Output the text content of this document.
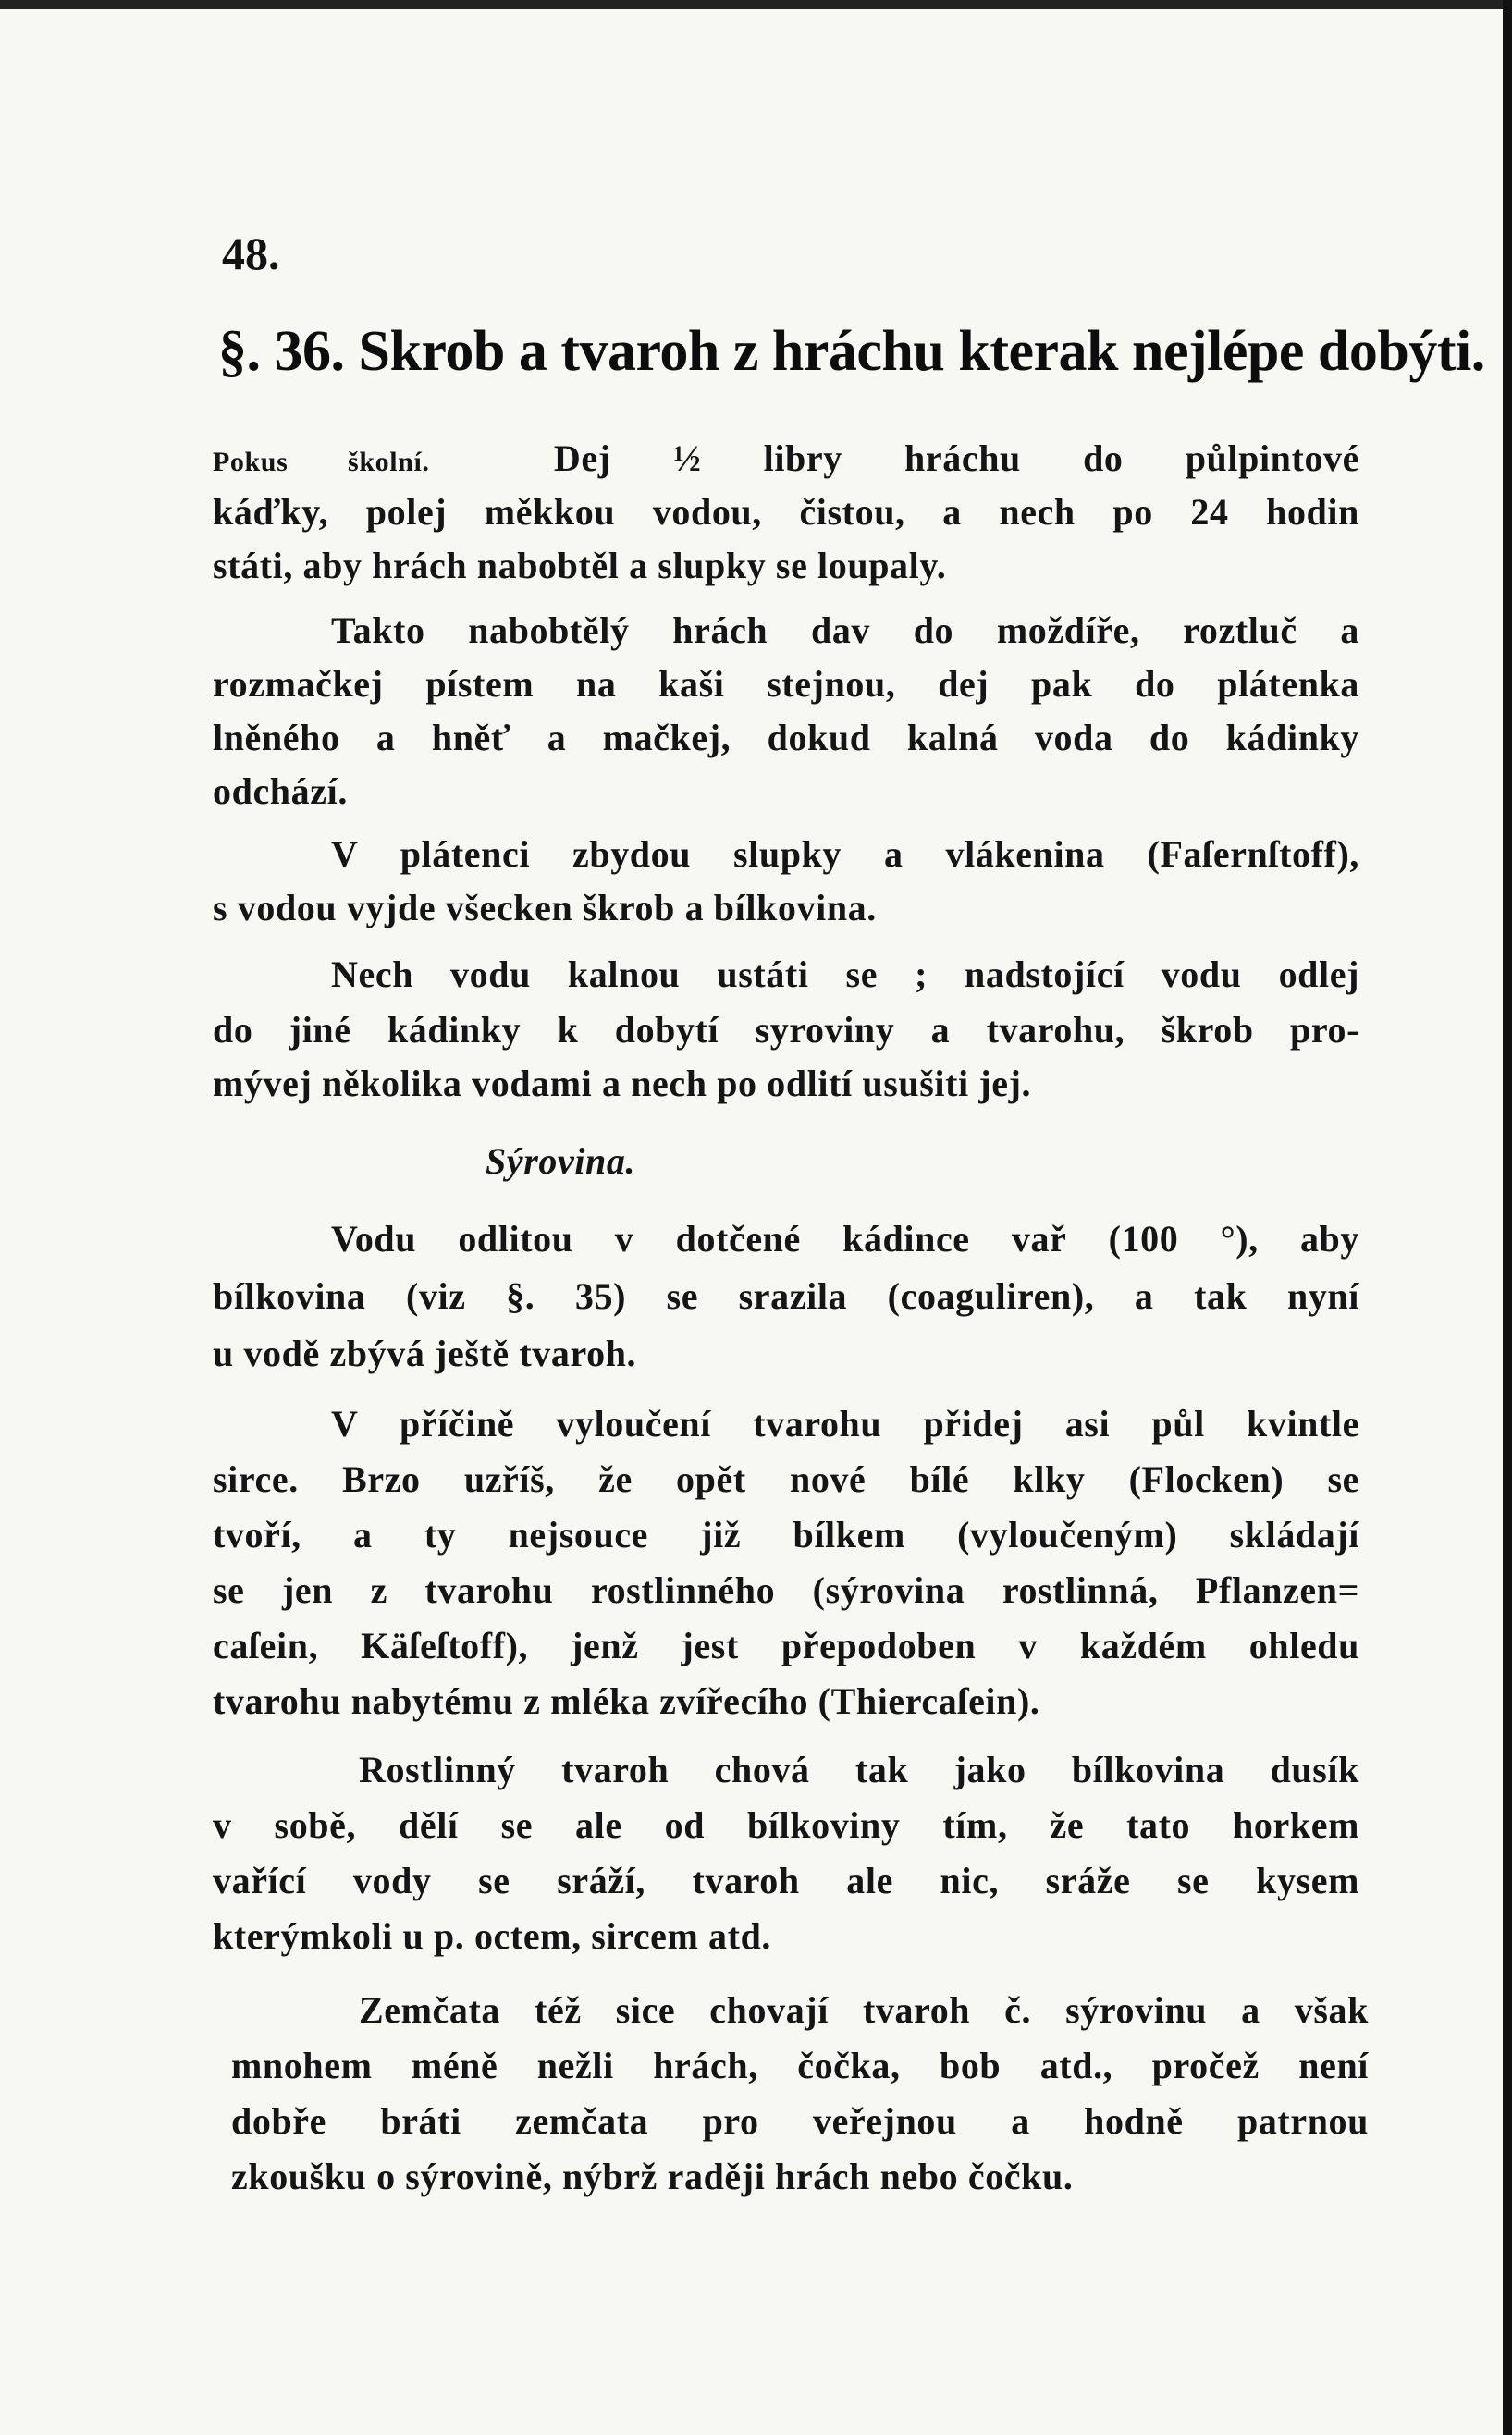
48.
§. 36. Skrob a tvaroh z hráchu kterak nejlépe dobýti.
Pokus školní.	Dej ½ libry hráchu do půlpintové
káďky, polej měkkou vodou, čistou, a nech po 24 hodin
státi, aby hrách nabobtěl a slupky se loupaly.
Takto nabobtělý hrách dav do moždíře, roztluč a
rozmačkej pístem na kaši stejnou, dej pak do plátenka
lněného a hněť a mačkej, dokud kalná voda do kádinky
odchází.
V plátenci zbydou slupky a vlákenina (Faſernſtoff),
s vodou vyjde všecken škrob a bílkovina.
Nech vodu kalnou ustáti se ; nadstojící vodu odlej
do jiné kádinky k dobytí syroviny a tvarohu, škrob pro-
mývej několika vodami a nech po odlití usušiti jej.
Sýrovina.
Vodu odlitou v dotčené kádince vař (100 °), aby
bílkovina (viz §. 35) se srazila (coaguliren), a tak nyní
u vodě zbývá ještě tvaroh.
V příčině vyloučení tvarohu přidej asi půl kvintle
sirce. Brzo uzříš, že opět nové bílé klky (Flocken) se
tvoří, a ty nejsouce již bílkem (vyloučeným) skládají
se jen z tvarohu rostlinného (sýrovina rostlinná, Pflanzen=
caſein, Käſeſtoff), jenž jest přepodoben v každém ohledu
tvarohu nabytému z mléka zvířecího (Thiercaſein).
Rostlinný tvaroh chová tak jako bílkovina dusík
v sobě, dělí se ale od bílkoviny tím, že tato horkem
vařící vody se sráží, tvaroh ale nic, sráže se kysem
kterýmkoli u p. octem, sircem atd.
Zemčata též sice chovají tvaroh č. sýrovinu a však
mnohem méně nežli hrách, čočka, bob atd., pročež není
dobře bráti zemčata pro veřejnou a hodně patrnou
zkoušku o sýrovině, nýbrž raději hrách nebo čočku.
